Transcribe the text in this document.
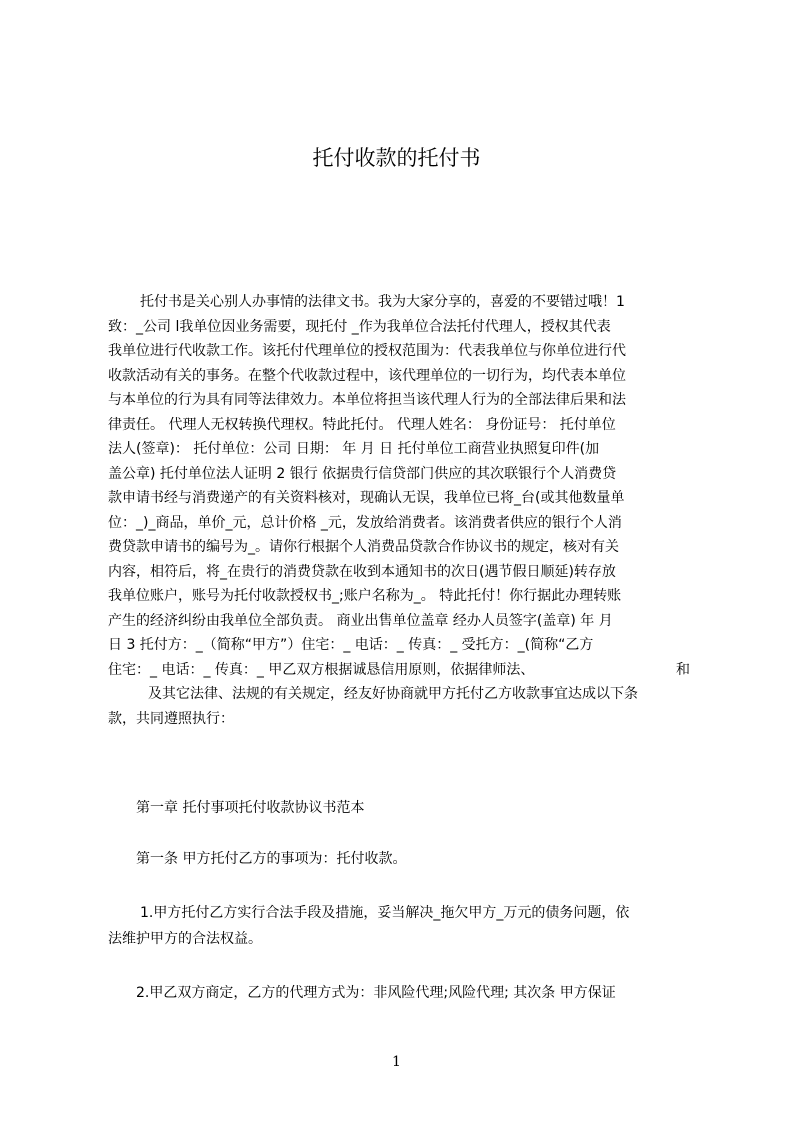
托付收款的托付书
托付书是关心别人办事情的法律文书。我为大家分享的，喜爱的不要错过哦！1
致：_公司 l我单位因业务需要，现托付 _作为我单位合法托付代理人，授权其代表
我单位进行代收款工作。该托付代理单位的授权范围为：代表我单位与你单位进行代
收款活动有关的事务。在整个代收款过程中，该代理单位的一切行为，均代表本单位
与本单位的行为具有同等法律效力。本单位将担当该代理人行为的全部法律后果和法
律责任。 代理人无权转换代理权。特此托付。 代理人姓名： 身份证号： 托付单位
法人(签章)： 托付单位：公司 日期： 年 月 日 托付单位工商营业执照复印件(加
盖公章) 托付单位法人证明 2 银行 依据贵行信贷部门供应的其次联银行个人消费贷
款申请书经与消费递产的有关资料核对，现确认无误，我单位已将_台(或其他数量单
位：_)_商品，单价_元，总计价格 _元，发放给消费者。该消费者供应的银行个人消
费贷款申请书的编号为_。请你行根据个人消费品贷款合作协议书的规定，核对有关
内容，相符后，将_在贵行的消费贷款在收到本通知书的次日(遇节假日顺延)转存放
我单位账户，账号为托付收款授权书_;账户名称为_。 特此托付！你行据此办理转账
产生的经济纠纷由我单位全部负责。 商业出售单位盖章 经办人员签字(盖章) 年 月
日 3 托付方：_（简称“甲方”）住宅：_ 电话：_ 传真：_ 受托方：_(简称“乙方
住宅：_ 电话：_ 传真：_ 甲乙双方根据诚恳信用原则，依据律师法、	和
及其它法律、法规的有关规定，经友好协商就甲方托付乙方收款事宜达成以下条
款，共同遵照执行：

第一章 托付事项托付收款协议书范本

第一条 甲方托付乙方的事项为：托付收款。

1.甲方托付乙方实行合法手段及措施，妥当解决_拖欠甲方_万元的债务问题，依
法维护甲方的合法权益。

2.甲乙双方商定，乙方的代理方式为：非风险代理;风险代理; 其次条 甲方保证

1
